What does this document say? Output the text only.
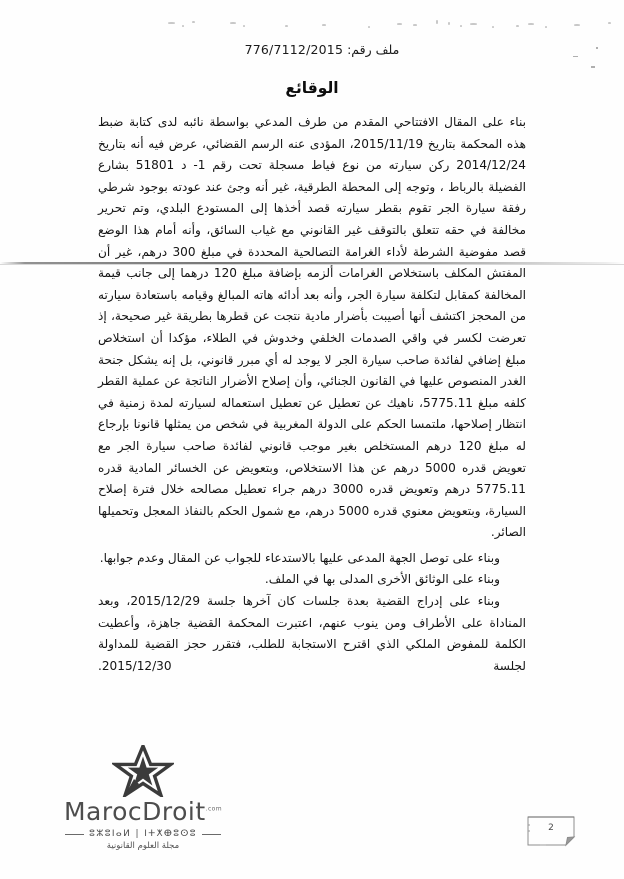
ملف رقم: 776/7112/2015
الوقائع

بناء على المقال الافتتاحي المقدم من طرف المدعي بواسطة نائبه لدى كتابة ضبط هذه المحكمة بتاريخ 2015/11/19، المؤدى عنه الرسم القضائي، عرض فيه أنه بتاريخ 2014/12/24 ركن سيارته من نوع فياط مسجلة تحت رقم 1- د 51801 بشارع الفضيلة بالرباط ، وتوجه إلى المحطة الطرقية، غير أنه وجئ عند عودته بوجود شرطي رفقة سيارة الجر تقوم بقطر سيارته قصد أخذها إلى المستودع البلدي، وتم تحرير مخالفة في حقه تتعلق بالتوقف غير القانوني مع غياب السائق، وأنه أمام هذا الوضع قصد مفوضية الشرطة لأداء الغرامة التصالحية المحددة في مبلغ 300 درهم، غير أن المفتش المكلف باستخلاص الغرامات ألزمه بإضافة مبلغ 120 درهما إلى جانب قيمة المخالفة كمقابل لتكلفة سيارة الجر، وأنه بعد أدائه هاته المبالغ وقيامه باستعادة سيارته من المحجز اكتشف أنها أصيبت بأضرار مادية نتجت عن قطرها بطريقة غير صحيحة، إذ تعرضت لكسر في واقي الصدمات الخلفي وخدوش في الطلاء، مؤكدا أن استخلاص مبلغ إضافي لفائدة صاحب سيارة الجر لا يوجد له أي مبرر قانوني، بل إنه يشكل جنحة الغدر المنصوص عليها في القانون الجنائي، وأن إصلاح الأضرار الناتجة عن عملية القطر كلفه مبلغ 5775.11، ناهيك عن تعطيل عن تعطيل استعماله لسيارته لمدة زمنية في انتظار إصلاحها، ملتمسا الحكم على الدولة المغربية في شخص من يمثلها قانونا بإرجاع له مبلغ 120 درهم المستخلص بغير موجب قانوني لفائدة صاحب سيارة الجر مع تعويض قدره 5000 درهم عن هذا الاستخلاص، وبتعويض عن الخسائر المادية قدره 5775.11 درهم وتعويض قدره 3000 درهم جراء تعطيل مصالحه خلال فترة إصلاح السيارة، وبتعويض معنوي قدره 5000 درهم، مع شمول الحكم بالنفاذ المعجل وتحميلها الصائر.

وبناء على توصل الجهة المدعى عليها بالاستدعاء للجواب عن المقال وعدم جوابها.

وبناء على الوثائق الأخرى المدلى بها في الملف.

وبناء على إدراج القضية بعدة جلسات كان آخرها جلسة 2015/12/29، وبعد المناداة على الأطراف ومن ينوب عنهم، اعتبرت المحكمة القضية جاهزة، وأعطيت الكلمة للمفوض الملكي الذي اقترح الاستجابة للطلب، فتقرر حجز القضية للمداولة لجلسة 2015/12/30.

MarocDroit$^{.com}$
ⵓⵣⵓⵏⴰⵍ | ⵏⵜⵅⴲⵓⵙⵓ
مجلة العلوم القانونية
2
